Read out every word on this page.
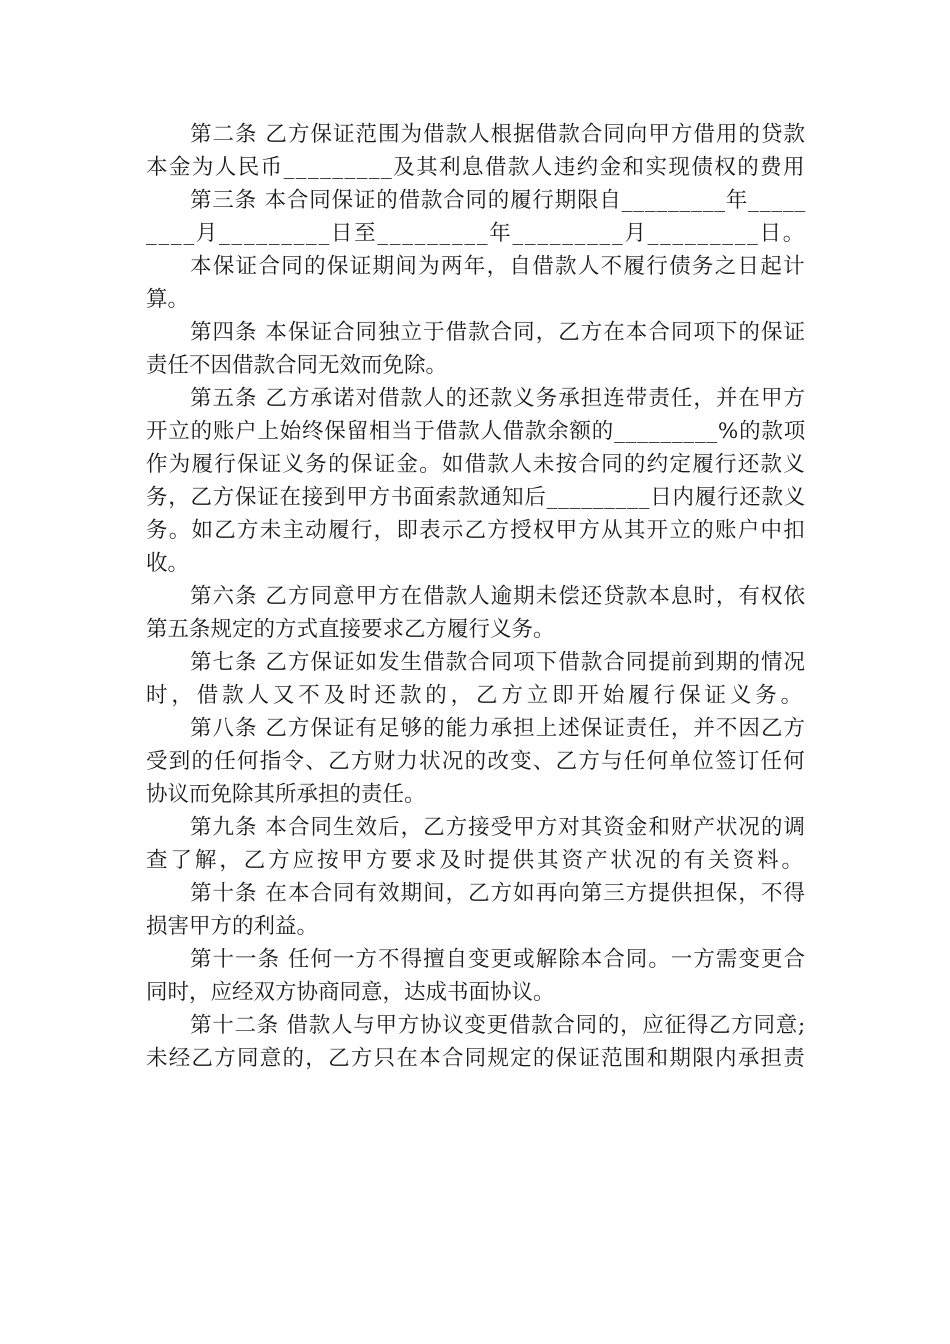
第二条 乙方保证范围为借款人根据借款合同向甲方借用的贷款
本金为人民币_________及其利息借款人违约金和实现债权的费用
第三条 本合同保证的借款合同的履行期限自_________年_____
____月_________日至_________年_________月_________日。
本保证合同的保证期间为两年，自借款人不履行债务之日起计
算。
第四条 本保证合同独立于借款合同，乙方在本合同项下的保证
责任不因借款合同无效而免除。
第五条 乙方承诺对借款人的还款义务承担连带责任，并在甲方
开立的账户上始终保留相当于借款人借款余额的_________%的款项
作为履行保证义务的保证金。如借款人未按合同的约定履行还款义
务，乙方保证在接到甲方书面索款通知后_________日内履行还款义
务。如乙方未主动履行，即表示乙方授权甲方从其开立的账户中扣
收。
第六条 乙方同意甲方在借款人逾期未偿还贷款本息时，有权依
第五条规定的方式直接要求乙方履行义务。
第七条 乙方保证如发生借款合同项下借款合同提前到期的情况
时，借款人又不及时还款的，乙方立即开始履行保证义务。
第八条 乙方保证有足够的能力承担上述保证责任，并不因乙方
受到的任何指令、乙方财力状况的改变、乙方与任何单位签订任何
协议而免除其所承担的责任。
第九条 本合同生效后，乙方接受甲方对其资金和财产状况的调
查了解，乙方应按甲方要求及时提供其资产状况的有关资料。
第十条 在本合同有效期间，乙方如再向第三方提供担保，不得
损害甲方的利益。
第十一条 任何一方不得擅自变更或解除本合同。一方需变更合
同时，应经双方协商同意，达成书面协议。
第十二条 借款人与甲方协议变更借款合同的，应征得乙方同意;
未经乙方同意的，乙方只在本合同规定的保证范围和期限内承担责
